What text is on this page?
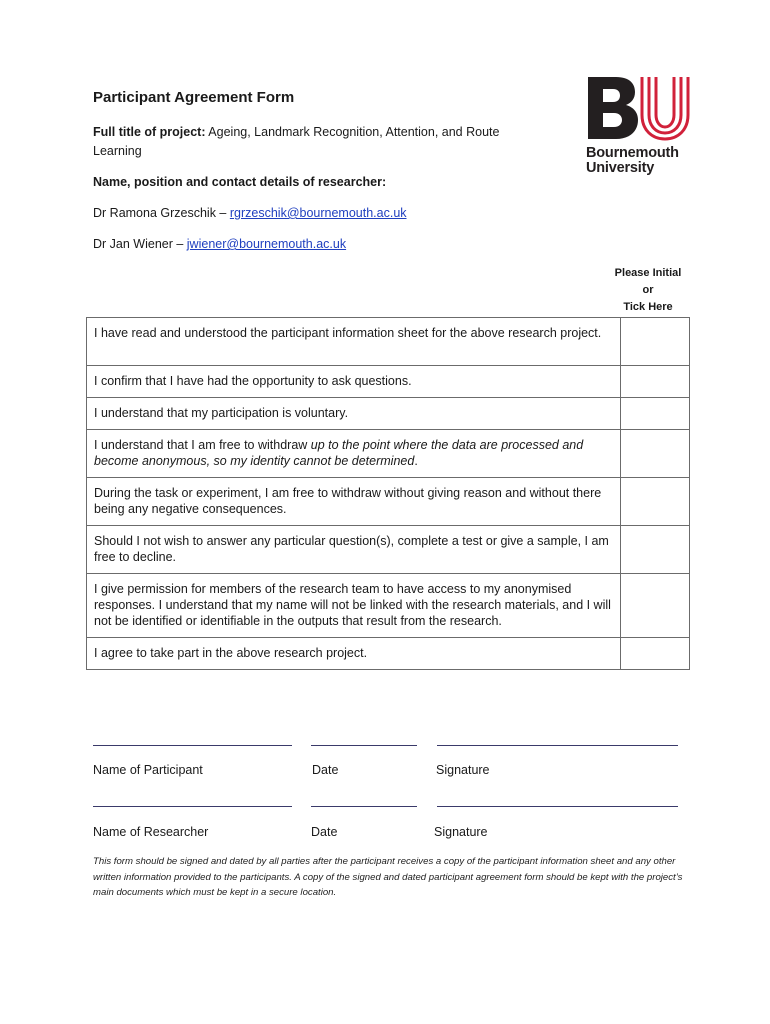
Participant Agreement Form
Full title of project: Ageing, Landmark Recognition, Attention, and Route
Learning
Name, position and contact details of researcher:
Dr Ramona Grzeschik – rgrzeschik@bournemouth.ac.uk
Dr Jan Wiener – jwiener@bournemouth.ac.uk
Bournemouth
University
Please Initial
or
Tick Here
I have read and understood the participant information sheet for the above research project.	
I confirm that I have had the opportunity to ask questions.	
I understand that my participation is voluntary.	
I understand that I am free to withdraw up to the point where the data are processed and become anonymous, so my identity cannot be determined.	
During the task or experiment, I am free to withdraw without giving reason and without there being any negative consequences.	
Should I not wish to answer any particular question(s), complete a test or give a sample, I am free to decline.	
I give permission for members of the research team to have access to my anonymised responses. I understand that my name will not be linked with the research materials, and I will not be identified or identifiable in the outputs that result from the research.	
I agree to take part in the above research project.	
Name of Participant	Date	Signature
Name of Researcher	Date	Signature
This form should be signed and dated by all parties after the participant receives a copy of the participant information sheet and any other written information provided to the participants. A copy of the signed and dated participant agreement form should be kept with the project’s main documents which must be kept in a secure location.
